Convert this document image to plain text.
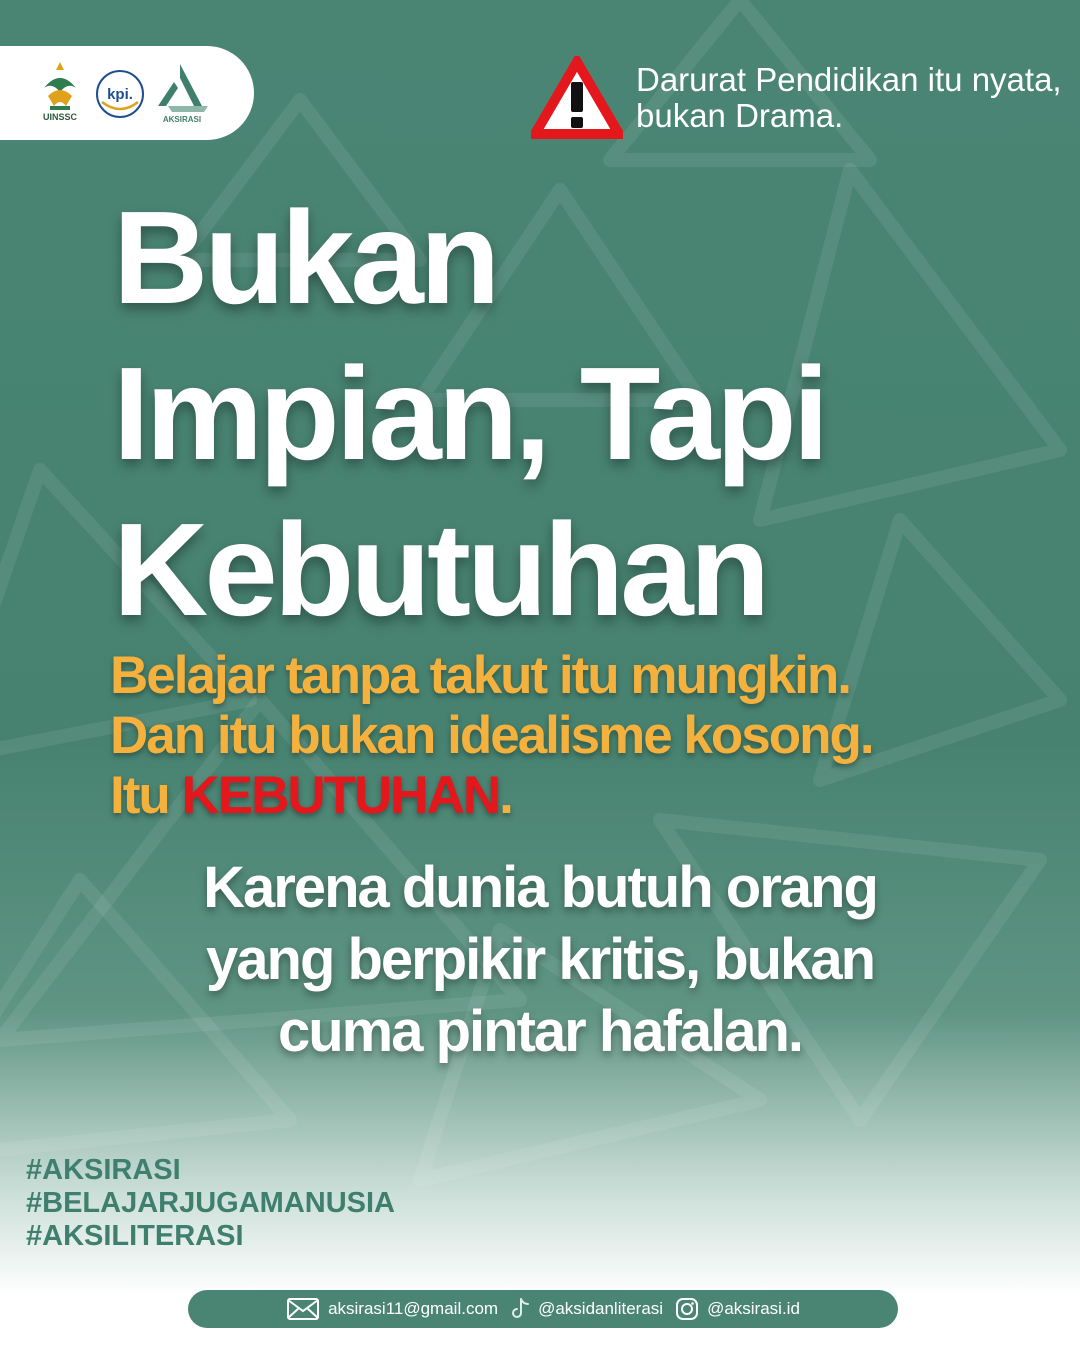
UINSSC
kpi.
AKSIRASI
Darurat Pendidikan itu nyata,
bukan Drama.
Bukan
Impian, Tapi
Kebutuhan
Belajar tanpa takut itu mungkin.
Dan itu bukan idealisme kosong.
Itu KEBUTUHAN.
Karena dunia butuh orang
yang berpikir kritis, bukan
cuma pintar hafalan.
#AKSIRASI
#BELAJARJUGAMANUSIA
#AKSILITERASI
aksirasi11@gmail.com @aksidanliterasi	@aksirasi.id
